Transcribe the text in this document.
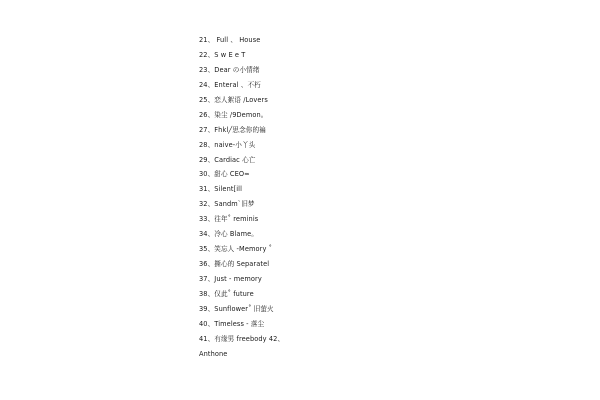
21、 Full 、 House
22、S w E e T
23、Dear の小情绪
24、Enteral 、不朽
25、恋人絮语 /Lovers
26、染尘 /9Demon。
27、Fhkl╱思念你的褊
28、naive-小丫头
29、Cardiac 心亡
30、甜心 CEO≈
31、Silent[ill
32、Sandm`旧梦
33、往年˚ reminis
34、冷心 Blame。
35、笑忘人 -Memory ˚
36、撕心的 Separatel
37、Just - memory
38、仅此˚ future
39、Sunflower˚ 旧萤火
40、Timeless - 落尘
41、有缘男 freebody 42、
Anthone
